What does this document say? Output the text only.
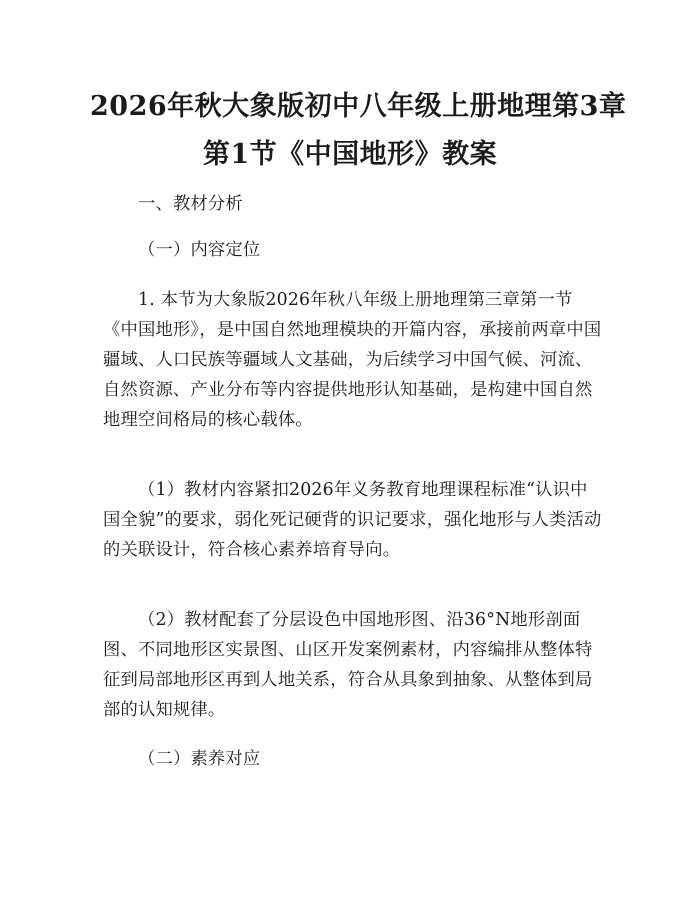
2026年秋大象版初中八年级上册地理第3章
第1节《中国地形》教案

一、教材分析

（一）内容定位

1. 本节为大象版2026年秋八年级上册地理第三章第一节《中国地形》，是中国自然地理模块的开篇内容，承接前两章中国疆域、人口民族等疆域人文基础，为后续学习中国气候、河流、自然资源、产业分布等内容提供地形认知基础，是构建中国自然地理空间格局的核心载体。

（1）教材内容紧扣2026年义务教育地理课程标准“认识中国全貌”的要求，弱化死记硬背的识记要求，强化地形与人类活动的关联设计，符合核心素养培育导向。

（2）教材配套了分层设色中国地形图、沿36°N地形剖面图、不同地形区实景图、山区开发案例素材，内容编排从整体特征到局部地形区再到人地关系，符合从具象到抽象、从整体到局部的认知规律。

（二）素养对应
